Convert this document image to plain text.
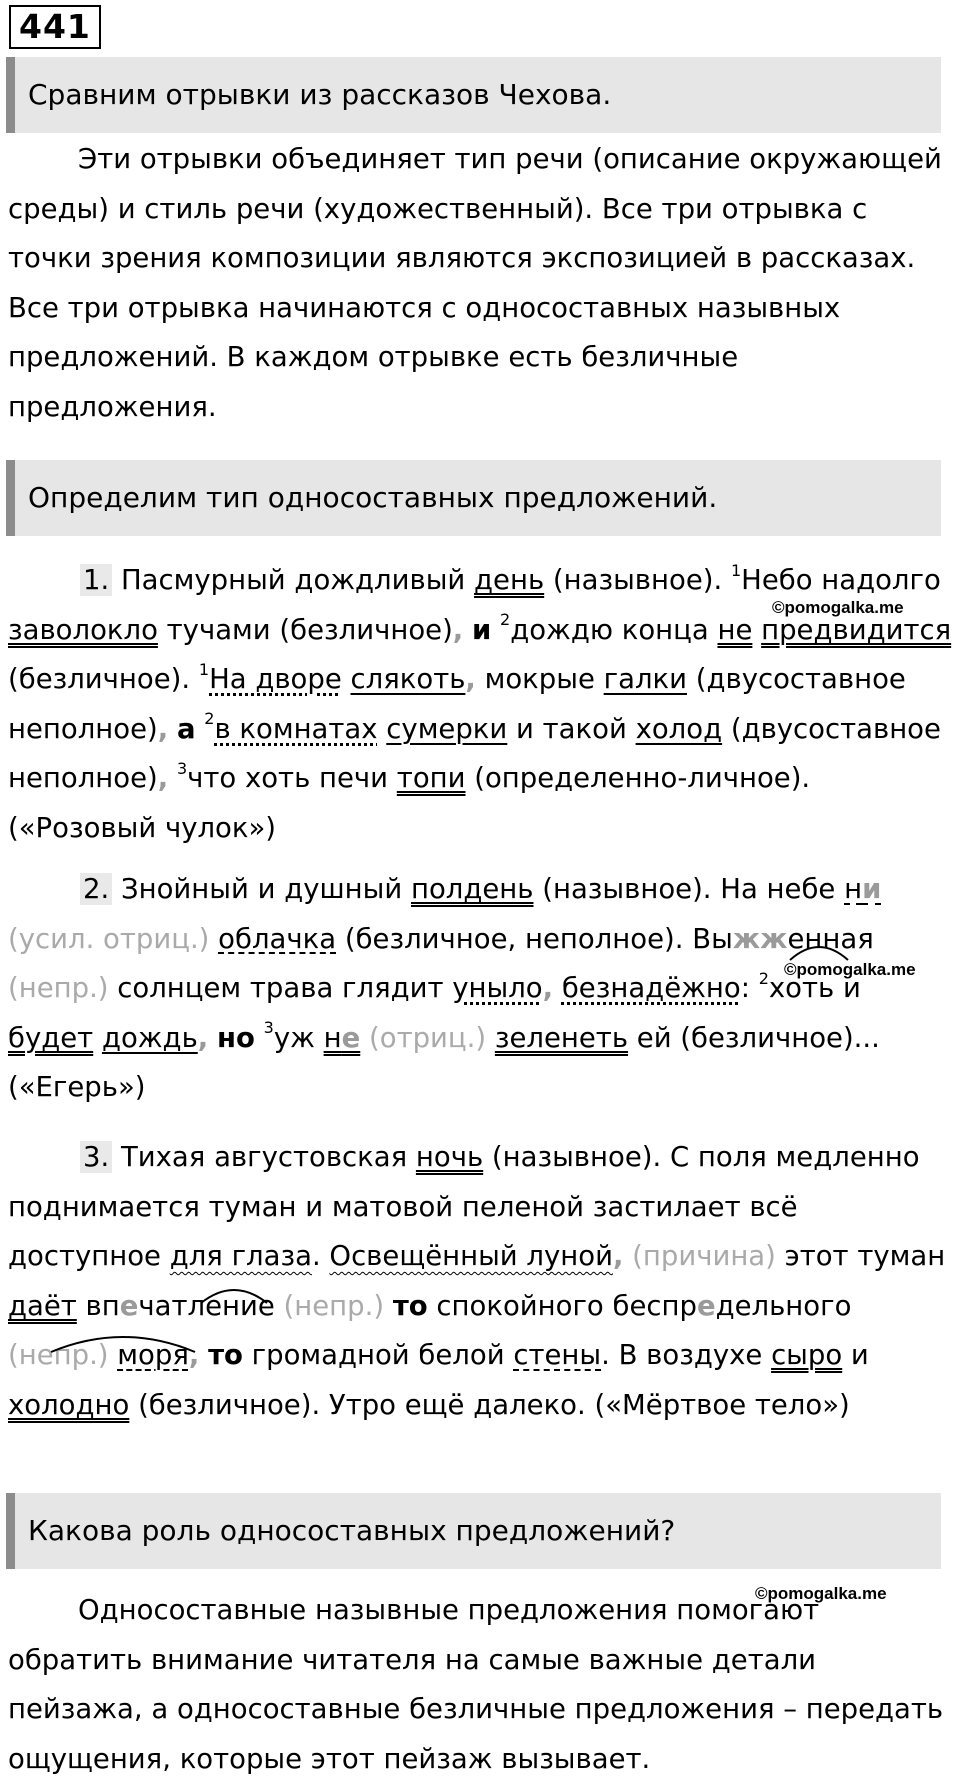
441
Сравним отрывки из рассказов Чехова.

Эти отрывки объединяет тип речи (описание окружающей среды) и стиль речи (художественный). Все три отрывка с точки зрения композиции являются экспозицией в рассказах. Все три отрывка начинаются с односоставных назывных предложений. В каждом отрывке есть безличные предложения.

Определим тип односоставных предложений.

1. Пасмурный дождливый день (назывное). $^1$Небо надолго заволокло тучами (безличное), и $^2$дождю конца не предвидится (безличное). $^1$На дворе слякоть, мокрые галки (двусоставное неполное), а $^2$в комнатах сумерки и такой холод (двусоставное неполное), $^3$что хоть печи топи (определенно-личное). («Розовый чулок»)

2. Знойный и душный полдень (назывное). На небе ни (усил. отриц.) облачка (безличное, неполное). Выжженная (непр.) солнцем трава глядит уныло, безнадёжно: $^2$хоть и будет дождь, но $^3$уж не (отриц.) зеленеть ей (безличное)... («Егерь»)

3. Тихая августовская ночь (назывное). С поля медленно поднимается туман и матовой пеленой застилает всё доступное для глаза. Освещённый луной, (причина) этот туман даёт впечатление (непр.) то спокойного беспредельного (непр.) моря, то громадной белой стены. В воздухе сыро и холодно (безличное). Утро ещё далеко. («Мёртвое тело»)

Какова роль односоставных предложений?

Односоставные назывные предложения помогают обратить внимание читателя на самые важные детали пейзажа, а односоставные безличные предложения – передать ощущения, которые этот пейзаж вызывает.

©pomogalka.me
©pomogalka.me
©pomogalka.me
